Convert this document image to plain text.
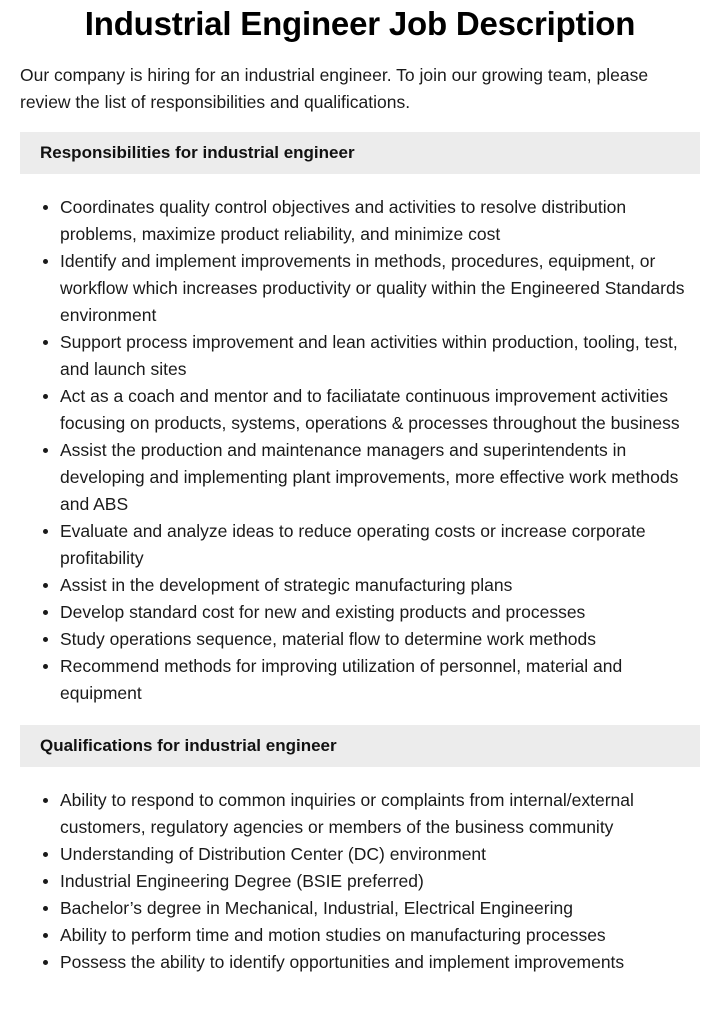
Industrial Engineer Job Description

Our company is hiring for an industrial engineer. To join our growing team, please review the list of responsibilities and qualifications.

Responsibilities for industrial engineer
Coordinates quality control objectives and activities to resolve distribution problems, maximize product reliability, and minimize cost
Identify and implement improvements in methods, procedures, equipment, or workflow which increases productivity or quality within the Engineered Standards environment
Support process improvement and lean activities within production, tooling, test, and launch sites
Act as a coach and mentor and to faciliatate continuous improvement activities focusing on products, systems, operations & processes throughout the business
Assist the production and maintenance managers and superintendents in developing and implementing plant improvements, more effective work methods and ABS
Evaluate and analyze ideas to reduce operating costs or increase corporate profitability
Assist in the development of strategic manufacturing plans
Develop standard cost for new and existing products and processes
Study operations sequence, material flow to determine work methods
Recommend methods for improving utilization of personnel, material and equipment
Qualifications for industrial engineer
Ability to respond to common inquiries or complaints from internal/external customers, regulatory agencies or members of the business community
Understanding of Distribution Center (DC) environment
Industrial Engineering Degree (BSIE preferred)
Bachelor’s degree in Mechanical, Industrial, Electrical Engineering
Ability to perform time and motion studies on manufacturing processes
Possess the ability to identify opportunities and implement improvements
